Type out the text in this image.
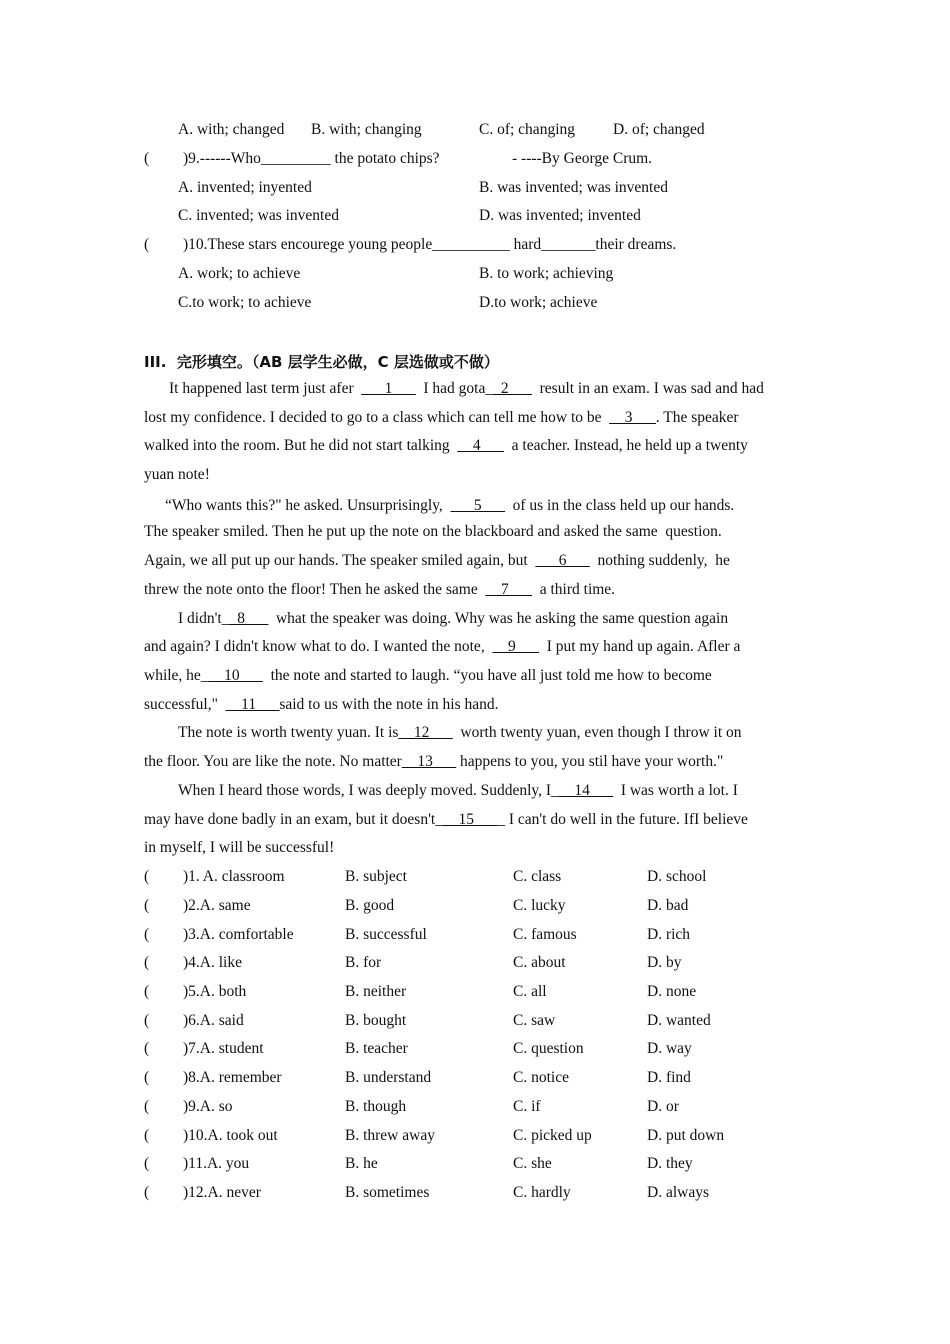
A. with; changed B. with; changing	C. of; changing D. of; changed
( )9.------Who_________ the potato chips?	- ----By George Crum.
A. invented; inyented	B. was invented; was invented
C. invented; was invented	D. was invented; invented
( )10.These stars encourege young people__________ hard_______their dreams.
A. work; to achieve	B. to work; achieving
C.to work; to achieve	D.to work; achieve
III.  完形填空。（AB 层学生必做，C 层选做或不做）
It happened last term just afer  ___1___  I had gota__2___  result in an exam. I was sad and had
lost my confidence. I decided to go to a class which can tell me how to be  __3___. The speaker
walked into the room. But he did not start talking  __4___  a teacher. Instead, he held up a twenty
yuan note!
“Who wants this?" he asked. Unsurprisingly,  ___5___  of us in the class held up our hands.
The speaker smiled. Then he put up the note on the blackboard and asked the same  question.
Again, we all put up our hands. The speaker smiled again, but  ___6___  nothing suddenly,  he
threw the note onto the floor! Then he asked the same  __7___  a third time.
I didn't__8___  what the speaker was doing. Why was he asking the same question again
and again? I didn't know what to do. I wanted the note,  __9___  I put my hand up again. Afler a
while, he___10___  the note and started to laugh. “you have all just told me how to become
successful,"  __11___said to us with the note in his hand.
The note is worth twenty yuan. It is__12___  worth twenty yuan, even though I throw it on
the floor. You are like the note. No matter__13___ happens to you, you stil have your worth."
When I heard those words, I was deeply moved. Suddenly, I___14___  I was worth a lot. I
may have done badly in an exam, but it doesn't___15____ I can't do well in the future. IfI believe
in myself, I will be successful!
( )1. A. classroom	B. subject	C. class	D. school
( )2.A. same	B. good	C. lucky	D. bad
( )3.A. comfortable	B. successful	C. famous	D. rich
( )4.A. like	B. for	C. about	D. by
( )5.A. both	B. neither	C. all	D. none
( )6.A. said	B. bought	C. saw	D. wanted
( )7.A. student	B. teacher	C. question	D. way
( )8.A. remember	B. understand	C. notice	D. find
( )9.A. so	B. though	C. if	D. or
( )10.A. took out	B. threw away	C. picked up	D. put down
( )11.A. you	B. he	C. she	D. they
( )12.A. never	B. sometimes	C. hardly	D. always
